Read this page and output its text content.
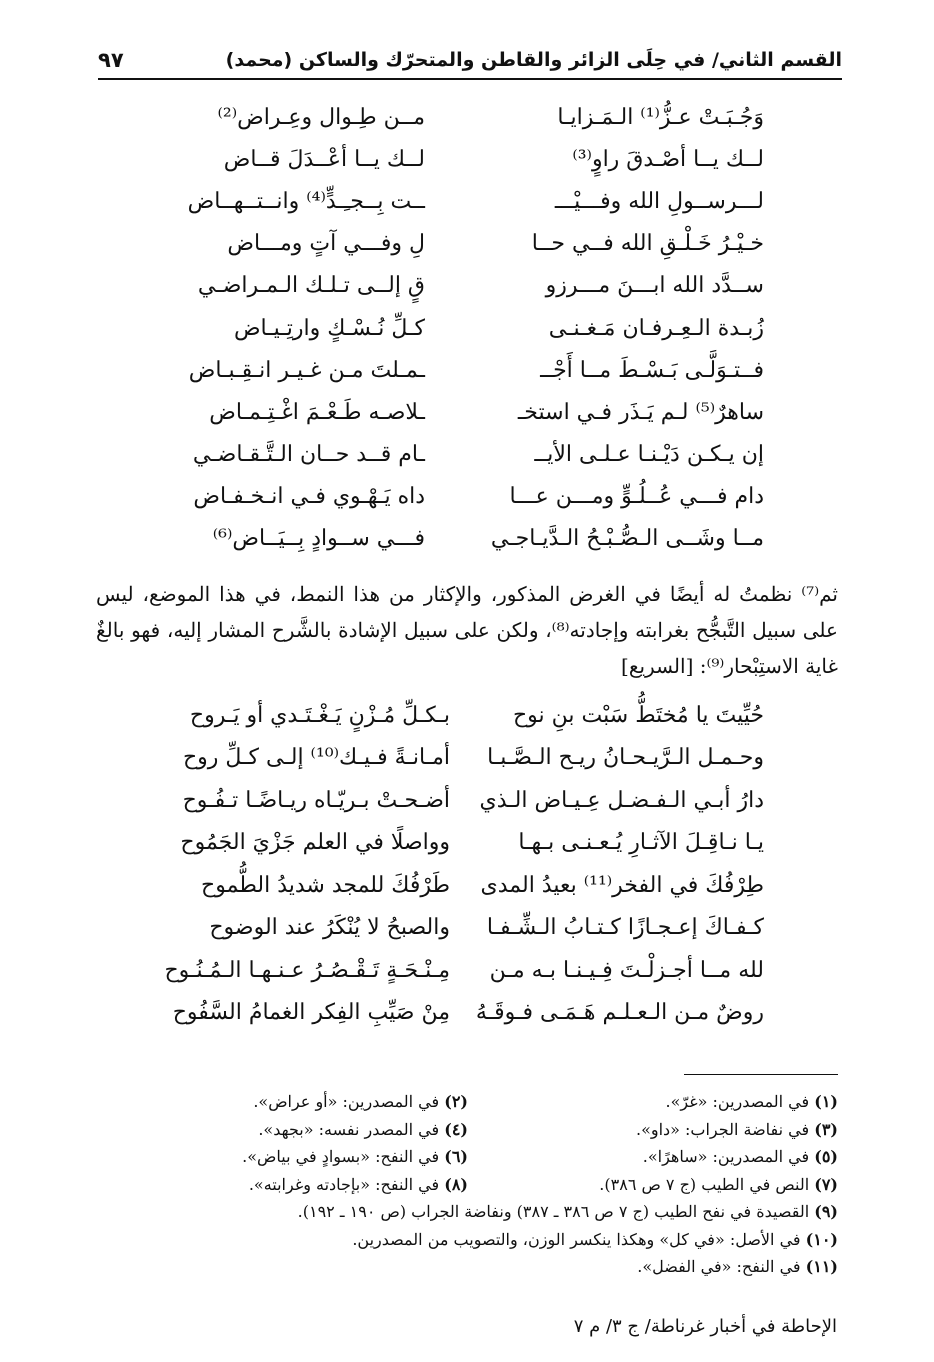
القسم الثاني/ في حِلَى الزائر والقاطن والمتحرّك والساكن (محمد)
٩٧
وَجُـبَـتْ عـزُّ⁽¹⁾ الـمَـزايـا
مــن طِـوال وعِـراض⁽²⁾
لــك يــا أصْـدقَ راوٍ⁽³⁾
لــك يــا أعْــدَلَ قــاض
لـــرســولِ الله وفـــيْـــ
ــت بِــجـِـدٍّ⁽⁴⁾ وانــتــهــاض
خـيْـرُ خَـلْـقِ الله فــي حــا
لِ وفـــي آتٍ ومـــاض
ســدَّد الله ابـــنَ مـــرزو
قٍ إلــى تـلـك الـمـراضـي
زُبـدة الـعِـرفـان مَـغـنـى
كـلِّ نُـسْـكٍ وارتِـيـاض
فــتـوَلَّـى بَـسْـطَ مــا أَجْــ
ـمـلتَ مـن غـيـر انـقِـبـاض
ساهرٌ⁽⁵⁾ لـم يَـذَر فـي استخـ
ـلاصـه طَـعْـمَ اغْـتِـمـاض
إن يـكـن دَيْـنـا عـلـى الأيــ
ـام قــد حــان الـتَّـقـاضـي
دام فـــي عُــلُـوٍّ ومـــن عـــا
داه يَـهْـوي فـي انـخـفـاض
مــا وشَــى الـصُّـبْـحُ الـدَّيـاجـي
فـــي ســوادٍ بِــيَــاض⁽⁶⁾
ثم⁽⁷⁾ نظمتُ له أيضًا في الغرض المذكور، والإكثار من هذا النمط، في هذا الموضع، ليس على سبيل التَّبجُّح بغرابته وإجادته⁽⁸⁾، ولكن على سبيل الإشادة بالشَّرح المشار إليه، فهو بالغٌ غاية الاستِبْحار⁽⁹⁾: [السريع]
حُيِّيتَ يا مُختَطُّ سَبْت بنِ نوح
بـكـلِّ مُـزْنٍ يَـغْـتَـدي أو يَـروح
وحـمـل الـرَّيـحـانُ ريـح الـصَّـبـا
أمـانـةً فـيـك⁽¹⁰⁾ إلـى كـلِّ روح
دارُ أبـي الـفـضـل عِـيـاض الـذي
أضـحـتْ بـريّـاه ريـاضًـا تـفُـوح
يـا نـاقِـلَ الآثـارِ يُـعـنـى بـهـا
وواصلًا في العلم جَزْيَ الجَمُوح
طِرْفُكَ في الفخر⁽¹¹⁾ بعيدُ المدى
طَرْفُكَ للمجد شديدُ الطُّموح
كـفـاكَ إعـجـازًا كـتـابُ الـشِّـفـا
والصبحُ لا يُنْكَرُ عند الوضوح
لله مــا أجـزلْـتَ فِـيـنـا بـه مـن
مِـنْـحَـةٍ تَـقْـصُـرُ عـنـهـا الـمُـنُـوح
روضٌ مـن الـعـلـم هَـمَـى فـوقَـهُ
مِنْ صَيِّبِ الفِكر الغمامُ السَّفُوح
(١) في المصدرين: «غرّ».
(٢) في المصدرين: «أو عراض».
(٣) في نفاضة الجراب: «داو».
(٤) في المصدر نفسه: «بجهد».
(٥) في المصدرين: «ساهرًا».
(٦) في النفح: «بسوادٍ في بياض».
(٧) النص في الطيب (ج ٧ ص ٣٨٦).
(٨) في النفح: «بإجادته وغرابته».
(٩) القصيدة في نفح الطيب (ج ٧ ص ٣٨٦ ـ ٣٨٧) ونفاضة الجراب (ص ١٩٠ ـ ١٩٢).
(١٠) في الأصل: «في كل» وهكذا ينكسر الوزن، والتصويب من المصدرين.
(١١) في النفح: «في الفضل».
الإحاطة في أخبار غرناطة/ ج ٣/ م ٧
